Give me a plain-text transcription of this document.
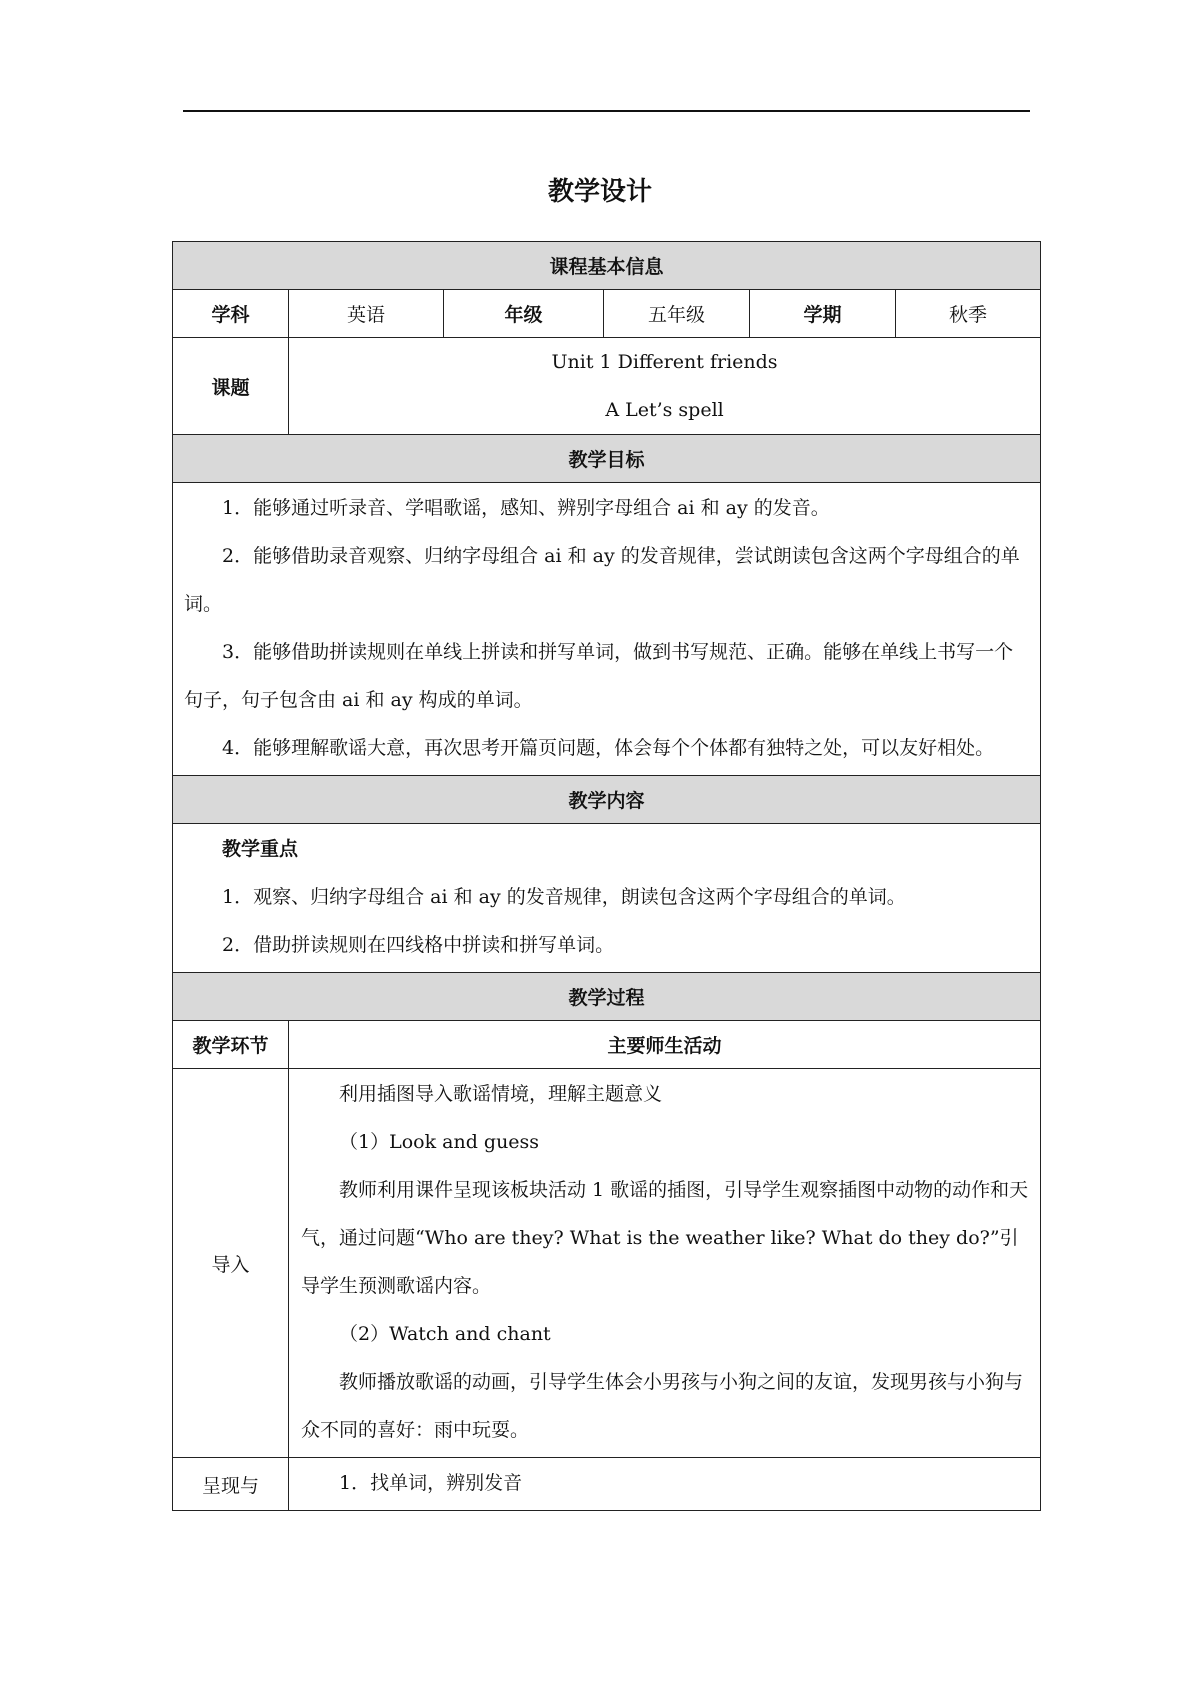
教学设计
课程基本信息					
学科	英语	年级	五年级	学期	秋季
课题	Unit 1 Different friends
A Let’s spell				

教学目标					

1．能够通过听录音、学唱歌谣，感知、辨别字母组合 ai 和 ay 的发音。

2．能够借助录音观察、归纳字母组合 ai 和 ay 的发音规律，尝试朗读包含这两个字母组合的单词。

3．能够借助拼读规则在单线上拼读和拼写单词，做到书写规范、正确。能够在单线上书写一个句子，句子包含由 ai 和 ay 构成的单词。

4．能够理解歌谣大意，再次思考开篇页问题，体会每个个体都有独特之处，可以友好相处。					

教学内容					

教学重点

1．观察、归纳字母组合 ai 和 ay 的发音规律，朗读包含这两个字母组合的单词。

2．借助拼读规则在四线格中拼读和拼写单词。					

教学过程					
教学环节	主要师生活动				
导入	利用插图导入歌谣情境，理解主题意义

（1）Look and guess

教师利用课件呈现该板块活动 1 歌谣的插图，引导学生观察插图中动物的动作和天气，通过问题“Who are they? What is the weather like? What do they do?”引导学生预测歌谣内容。

（2）Watch and chant

教师播放歌谣的动画，引导学生体会小男孩与小狗之间的友谊，发现男孩与小狗与众不同的喜好：雨中玩耍。				

呈现与	1．找单词，辨别发音				
